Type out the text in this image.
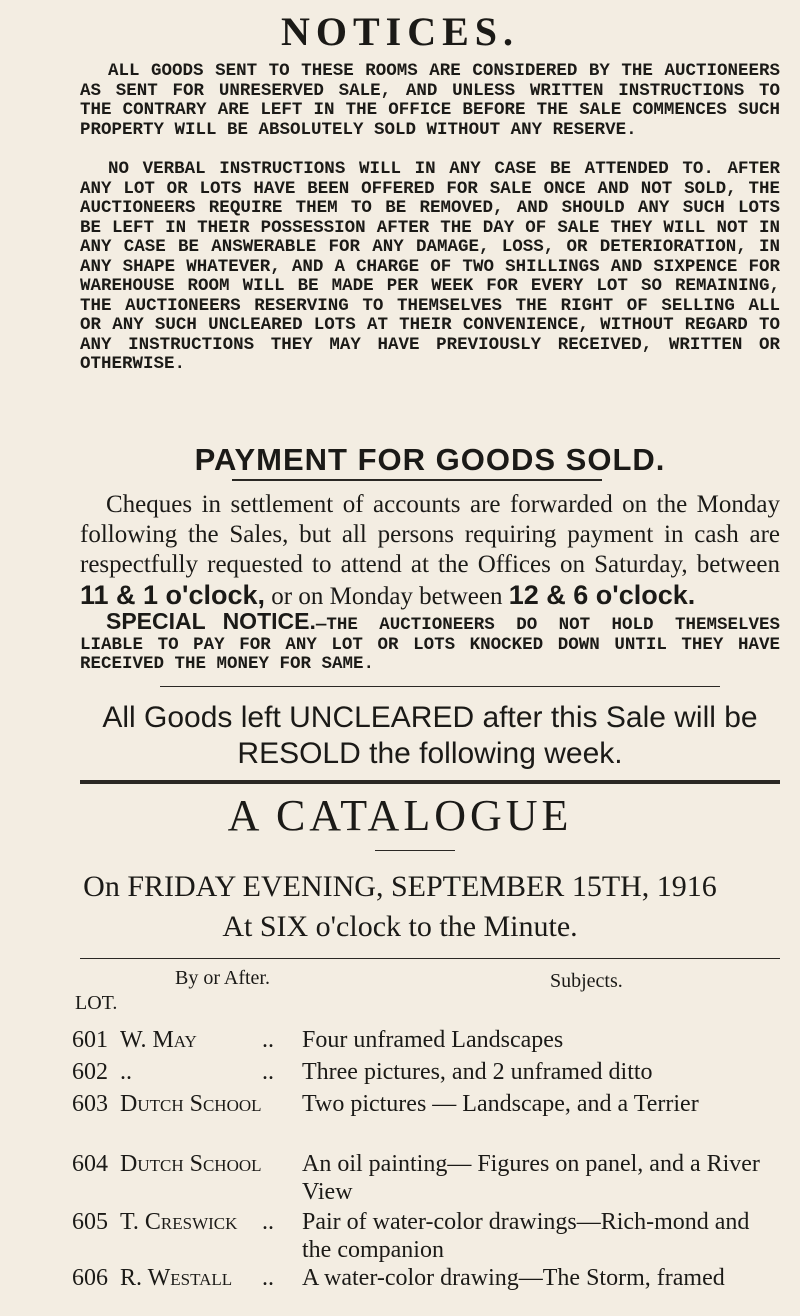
NOTICES.
ALL GOODS SENT TO THESE ROOMS ARE CONSIDERED BY THE AUCTIONEERS AS SENT FOR UNRESERVED SALE, AND UNLESS WRITTEN INSTRUCTIONS TO THE CONTRARY ARE LEFT IN THE OFFICE BEFORE THE SALE COMMENCES SUCH PROPERTY WILL BE ABSOLUTELY SOLD WITHOUT ANY RESERVE.
NO VERBAL INSTRUCTIONS WILL IN ANY CASE BE ATTENDED TO. AFTER ANY LOT OR LOTS HAVE BEEN OFFERED FOR SALE ONCE AND NOT SOLD, THE AUCTIONEERS REQUIRE THEM TO BE REMOVED, AND SHOULD ANY SUCH LOTS BE LEFT IN THEIR POSSESSION AFTER THE DAY OF SALE THEY WILL NOT IN ANY CASE BE ANSWERABLE FOR ANY DAMAGE, LOSS, OR DETERIORATION, IN ANY SHAPE WHATEVER, AND A CHARGE OF TWO SHILLINGS AND SIXPENCE FOR WAREHOUSE ROOM WILL BE MADE PER WEEK FOR EVERY LOT SO REMAINING, THE AUCTIONEERS RESERVING TO THEMSELVES THE RIGHT OF SELLING ALL OR ANY SUCH UNCLEARED LOTS AT THEIR CONVENIENCE, WITHOUT REGARD TO ANY INSTRUCTIONS THEY MAY HAVE PREVIOUSLY RECEIVED, WRITTEN OR OTHERWISE.
PAYMENT FOR GOODS SOLD.
Cheques in settlement of accounts are forwarded on the Monday following the Sales, but all persons requiring payment in cash are respectfully requested to attend at the Offices on Saturday, between 11 & 1 o'clock, or on Monday between 12 & 6 o'clock.
SPECIAL NOTICE.—THE AUCTIONEERS DO NOT HOLD THEMSELVES LIABLE TO PAY FOR ANY LOT OR LOTS KNOCKED DOWN UNTIL THEY HAVE RECEIVED THE MONEY FOR SAME.
All Goods left UNCLEARED after this Sale will be RESOLD the following week.
A CATALOGUE
On FRIDAY EVENING, SEPTEMBER 15TH, 1916
At SIX o'clock to the Minute.
By or After.	Subjects.
LOT.
601 W. May	.. Four unframed Landscapes
602 ..	.. Three pictures, and 2 unframed ditto
603 Dutch School Two pictures — Landscape, and a Terrier
604 Dutch School An oil painting— Figures on panel, and a River View
605 T. Creswick .. Pair of water-color drawings—Rich-mond and the companion
606 R. Westall .. A water-color drawing—The Storm, framed
